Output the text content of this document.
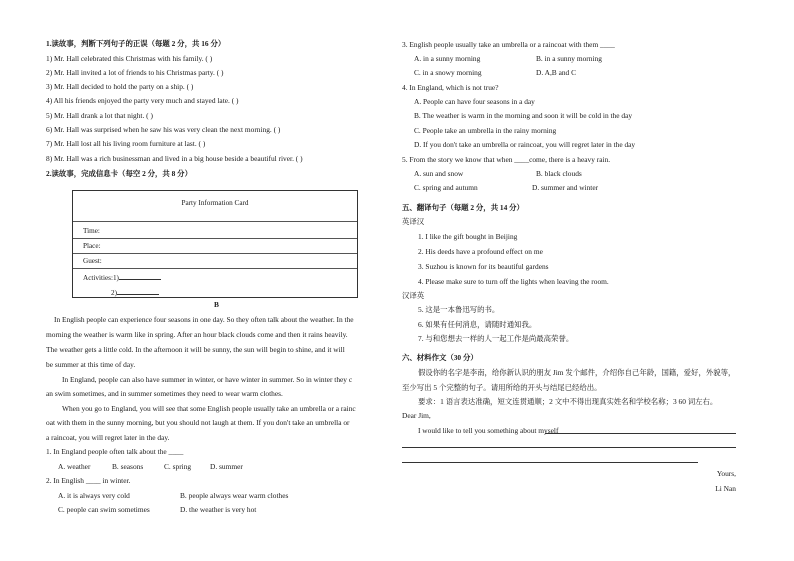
1.读故事，判断下列句子的正误（每题 2 分，共 16 分）
1) Mr. Hall celebrated this Christmas with his family. ( )
2) Mr. Hall invited a lot of friends to his Christmas party. ( )
3) Mr. Hall decided to hold the party on a ship. ( )
4) All his friends enjoyed the party very much and stayed late. ( )
5) Mr. Hall drank a lot that night. ( )
6) Mr. Hall was surprised when he saw his was very clean the next morning. ( )
7) Mr. Hall lost all his living room furniture at last. ( )
8) Mr. Hall was a rich businessman and lived in a big house beside a beautiful river. ( )
2.读故事，完成信息卡（每空 2 分，共 8 分）
Party Information Card
Time:
Place:
Guest:
Activities:1)
2)
B
In English people can experience four seasons in one day. So they often talk about the weather. In the
morning the weather is warm like in spring. After an hour black clouds come and then it rains heavily.
The weather gets a little cold. In the afternoon it will be sunny, the sun will begin to shine, and it will
be summer at this time of day.
In England, people can also have summer in winter, or have winter in summer. So in winter they c
an swim sometimes, and in summer sometimes they need to wear warm clothes.
When you go to England, you will see that some English people usually take an umbrella or a rainc
oat with them in the sunny morning, but you should not laugh at them. If you don't take an umbrella or
a raincoat, you will regret later in the day.
1. In England people often talk about the ____
A. weather	B. seasons	C. spring	D. summer
2. In English ____ in winter.
A. it is always very cold	B. people always wear warm clothes
C. people can swim sometimes	D. the weather is very hot
3. English people usually take an umbrella or a raincoat with them ____
A. in a sunny morning	B. in a sunny morning
C. in a snowy morning	D. A,B and C
4. In England, which is not true?
A. People can have four seasons in a day
B. The weather is warm in the morning and soon it will be cold in the day
C. People take an umbrella in the rainy morning
D. If you don't take an umbrella or raincoat, you will regret later in the day
5. From the story we know that when ____come, there is a heavy rain.
A. sun and snow	B. black clouds
C. spring and autumn	D. summer and winter
五、翻译句子（每题 2 分，共 14 分）
英译汉
1. I like the gift bought in Beijing
2. His deeds have a profound effect on me
3. Suzhou is known for its beautiful gardens
4. Please make sure to turn off the lights when leaving the room.
汉译英
5. 这是一本鲁迅写的书。
6. 如果有任何消息，请随时通知我。
7. 与和您想去一样的人一起工作是尚最高荣誉。
六、材料作文（30 分）
假设你的名字是李南，给你新认识的朋友 Jim 发个邮件，介绍你自己年龄，国籍，爱好，外貌等，
至少写出 5 个完整的句子。请用所给的开头与结尾已经给出。
要求：1 语言表达准确，短文连贯通顺；2 文中不得出现真实姓名和学校名称；3 60 词左右。
Dear Jim,
I would like to tell you something about myself
Yours,
Li Nan
